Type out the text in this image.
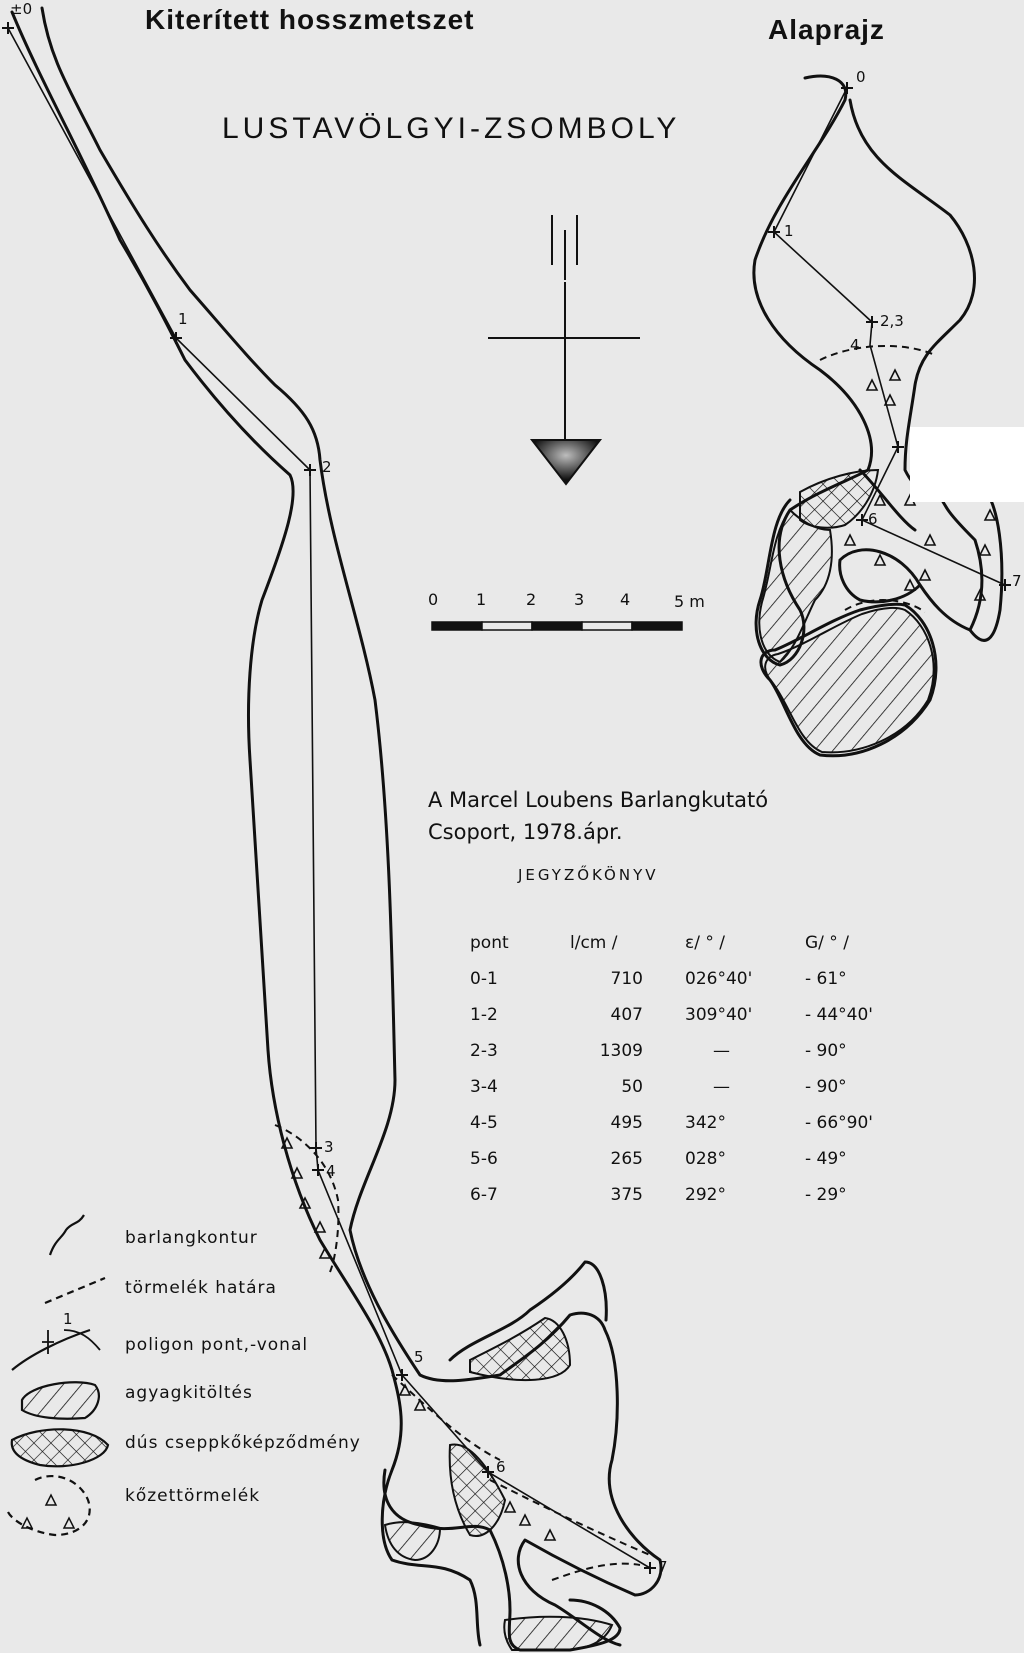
Kiterített hosszmetszet	Alaprajz
LUSTAVÖLGYI-ZSOMBOLY
A Marcel Loubens Barlangkutató
Csoport, 1978.ápr.
JEGYZŐKÖNYV
0 1 2 3 4	5 m
pont	l/cm /	ε/ ° /	G/ ° /
0-1	710	026°40'	- 61°
1-2	407	309°40'	- 44°40'
2-3	1309	—	- 90°
3-4	50	—	- 90°
4-5	495	342°	- 66°90'
5-6	265	028°	- 49°
6-7	375	292°	- 29°
±0
1
2
3
4
5
6
7
0
1
2,3
4
6
7
barlangkontur
törmelék határa
1
poligon pont,-vonal
agyagkitöltés
dús cseppkőképződmény
kőzettörmelék
